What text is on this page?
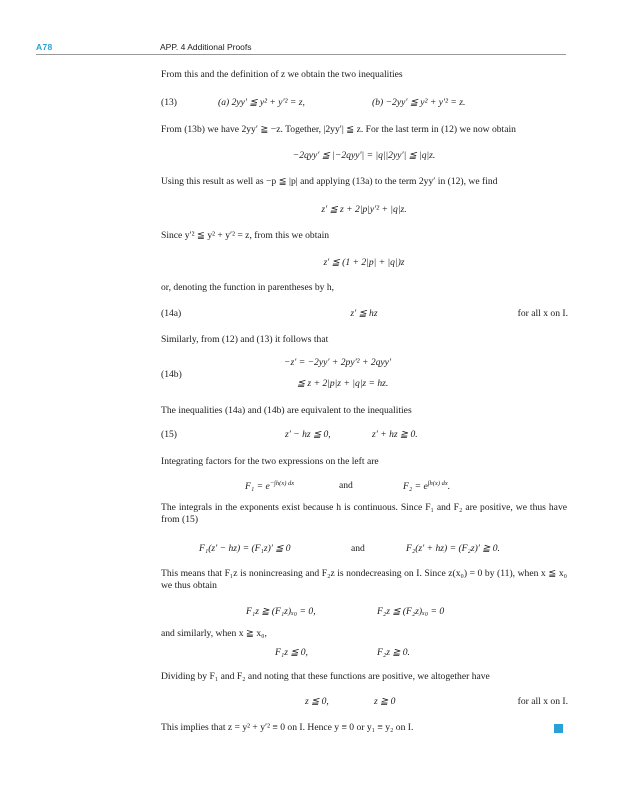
A78	APP. 4 Additional Proofs
From this and the definition of z we obtain the two inequalities
(13)	(a) 2yy′ ≦ y² + y′² = z,	(b) −2yy′ ≦ y² + y′² = z.
From (13b) we have 2yy′ ≧ −z. Together, |2yy′| ≦ z. For the last term in (12) we now obtain
−2qyy′ ≦ |−2qyy′| = |q||2yy′| ≦ |q|z.
Using this result as well as −p ≦ |p| and applying (13a) to the term 2yy′ in (12), we find
z′ ≦ z + 2|p|y′² + |q|z.
Since y′² ≦ y² + y′² = z, from this we obtain
z′ ≦ (1 + 2|p| + |q|)z
or, denoting the function in parentheses by h,
(14a)	z′ ≦ hz	for all x on I.
Similarly, from (12) and (13) it follows that
(14b)
−z′ = −2yy′ + 2py′² + 2qyy′
≦ z + 2|p|z + |q|z = hz.
The inequalities (14a) and (14b) are equivalent to the inequalities
(15)	z′ − hz ≦ 0,	z′ + hz ≧ 0.
Integrating factors for the two expressions on the left are
$F_1 = e^{-\int h(x) dx}$	and	$F_2 = e^{\int h(x) dx}$.
The integrals in the exponents exist because h is continuous. Since F₁ and F₂ are positive, we thus have from (15)
F₁(z′ − hz) = (F₁z)′ ≦ 0	and	F₂(z′ + hz) = (F₂z)′ ≧ 0.
This means that F₁z is nonincreasing and F₂z is nondecreasing on I. Since z(x₀) = 0 by (11), when x ≦ x₀ we thus obtain
F₁z ≧ (F₁z)ₓ₀ = 0,	F₂z ≦ (F₂z)ₓ₀ = 0
and similarly, when x ≧ x₀,
F₁z ≦ 0,	F₂z ≧ 0.
Dividing by F₁ and F₂ and noting that these functions are positive, we altogether have
z ≦ 0,	z ≧ 0	for all x on I.
This implies that z = y² + y′² ≡ 0 on I. Hence y ≡ 0 or y₁ ≡ y₂ on I.
